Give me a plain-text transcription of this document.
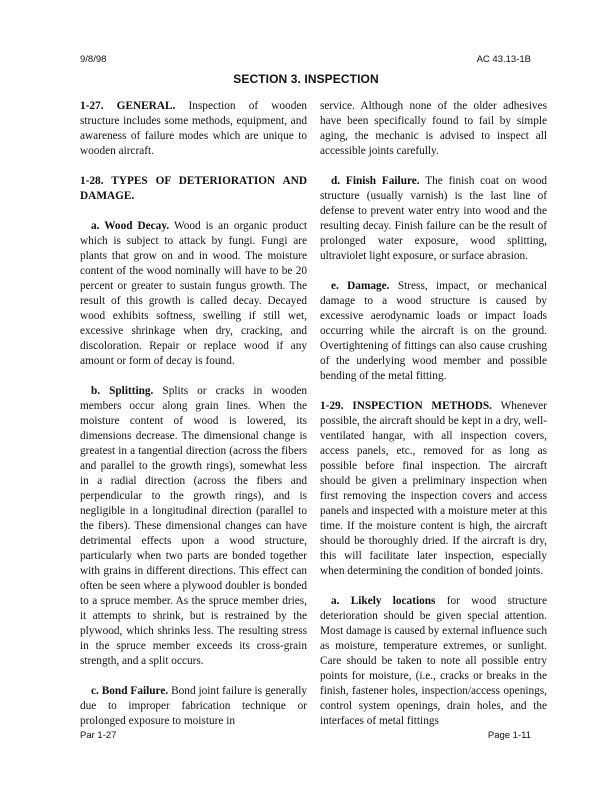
9/8/98	AC 43.13-1B
SECTION 3. INSPECTION

1-27. GENERAL. Inspection of wooden structure includes some methods, equipment, and awareness of failure modes which are unique to wooden aircraft.

1-28. TYPES OF DETERIORATION AND DAMAGE.

a. Wood Decay. Wood is an organic product which is subject to attack by fungi. Fungi are plants that grow on and in wood. The moisture content of the wood nominally will have to be 20 percent or greater to sustain fungus growth. The result of this growth is called decay. Decayed wood exhibits softness, swelling if still wet, excessive shrinkage when dry, cracking, and discoloration. Repair or replace wood if any amount or form of decay is found.

b. Splitting. Splits or cracks in wooden members occur along grain lines. When the moisture content of wood is lowered, its dimensions decrease. The dimensional change is greatest in a tangential direction (across the fibers and parallel to the growth rings), somewhat less in a radial direction (across the fibers and perpendicular to the growth rings), and is negligible in a longitudinal direction (parallel to the fibers). These dimensional changes can have detrimental effects upon a wood structure, particularly when two parts are bonded together with grains in different directions. This effect can often be seen where a plywood doubler is bonded to a spruce member. As the spruce member dries, it attempts to shrink, but is restrained by the plywood, which shrinks less. The resulting stress in the spruce member exceeds its cross-grain strength, and a split occurs.

c. Bond Failure. Bond joint failure is generally due to improper fabrication technique or prolonged exposure to moisture in

service. Although none of the older adhesives have been specifically found to fail by simple aging, the mechanic is advised to inspect all accessible joints carefully.

d. Finish Failure. The finish coat on wood structure (usually varnish) is the last line of defense to prevent water entry into wood and the resulting decay. Finish failure can be the result of prolonged water exposure, wood splitting, ultraviolet light exposure, or surface abrasion.

e. Damage. Stress, impact, or mechanical damage to a wood structure is caused by excessive aerodynamic loads or impact loads occurring while the aircraft is on the ground. Overtightening of fittings can also cause crushing of the underlying wood member and possible bending of the metal fitting.

1-29. INSPECTION METHODS. Whenever possible, the aircraft should be kept in a dry, well-ventilated hangar, with all inspection covers, access panels, etc., removed for as long as possible before final inspection. The aircraft should be given a preliminary inspection when first removing the inspection covers and access panels and inspected with a moisture meter at this time. If the moisture content is high, the aircraft should be thoroughly dried. If the aircraft is dry, this will facilitate later inspection, especially when determining the condition of bonded joints.

a. Likely locations for wood structure deterioration should be given special attention. Most damage is caused by external influence such as moisture, temperature extremes, or sunlight. Care should be taken to note all possible entry points for moisture, (i.e., cracks or breaks in the finish, fastener holes, inspection/access openings, control system openings, drain holes, and the interfaces of metal fittings

Par 1-27	Page 1-11
